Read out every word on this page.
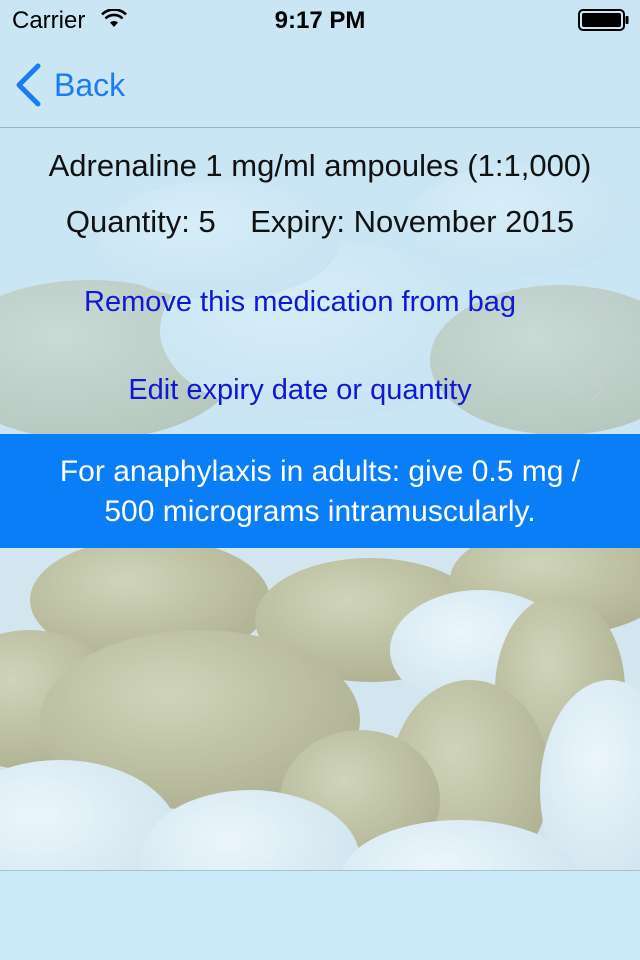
Carrier	9:17 PM
Back
Adrenaline 1 mg/ml ampoules (1:1,000)
Quantity: 5    Expiry: November 2015
Remove this medication from bag
Edit expiry date or quantity
For anaphylaxis in adults: give 0.5 mg /
500 micrograms intramuscularly.
